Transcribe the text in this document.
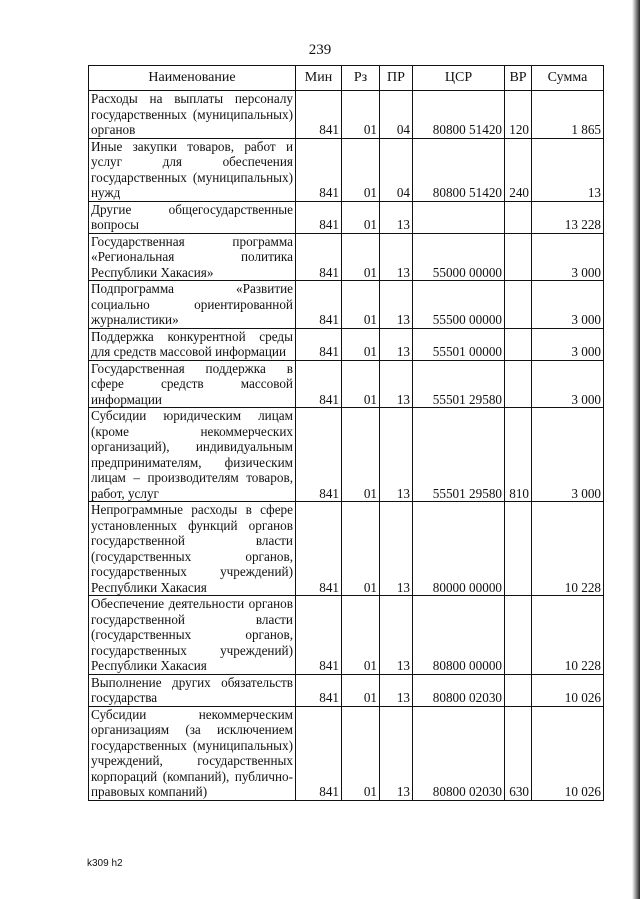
239
Наименование	Мин	Рз	ПР	ЦСР	ВР	Сумма
Расходы на выплаты персоналу государственных (муниципальных) органов	841	01	04	80800 51420	120	1 865
Иные закупки товаров, работ и услуг для обеспечения государственных (муниципальных) нужд	841	01	04	80800 51420	240	13
Другие общегосударственные вопросы	841	01	13			13 228
Государственная программа «Региональная политика Республики Хакасия»	841	01	13	55000 00000		3 000
Подпрограмма «Развитие социально ориентированной журналистики»	841	01	13	55500 00000		3 000
Поддержка конкурентной среды для средств массовой информации	841	01	13	55501 00000		3 000
Государственная поддержка в сфере средств массовой информации	841	01	13	55501 29580		3 000
Субсидии юридическим лицам (кроме некоммерческих организаций), индивидуальным предпринимателям, физическим лицам – производителям товаров, работ, услуг	841	01	13	55501 29580	810	3 000
Непрограммные расходы в сфере установленных функций органов государственной власти (государственных органов, государственных учреждений) Республики Хакасия	841	01	13	80000 00000		10 228
Обеспечение деятельности органов государственной власти (государственных органов, государственных учреждений) Республики Хакасия	841	01	13	80800 00000		10 228
Выполнение других обязательств государства	841	01	13	80800 02030		10 026
Субсидии некоммерческим организациям (за исключением государственных (муниципальных) учреждений, государственных корпораций (компаний), публично-правовых компаний)	841	01	13	80800 02030	630	10 026
k309 h2
